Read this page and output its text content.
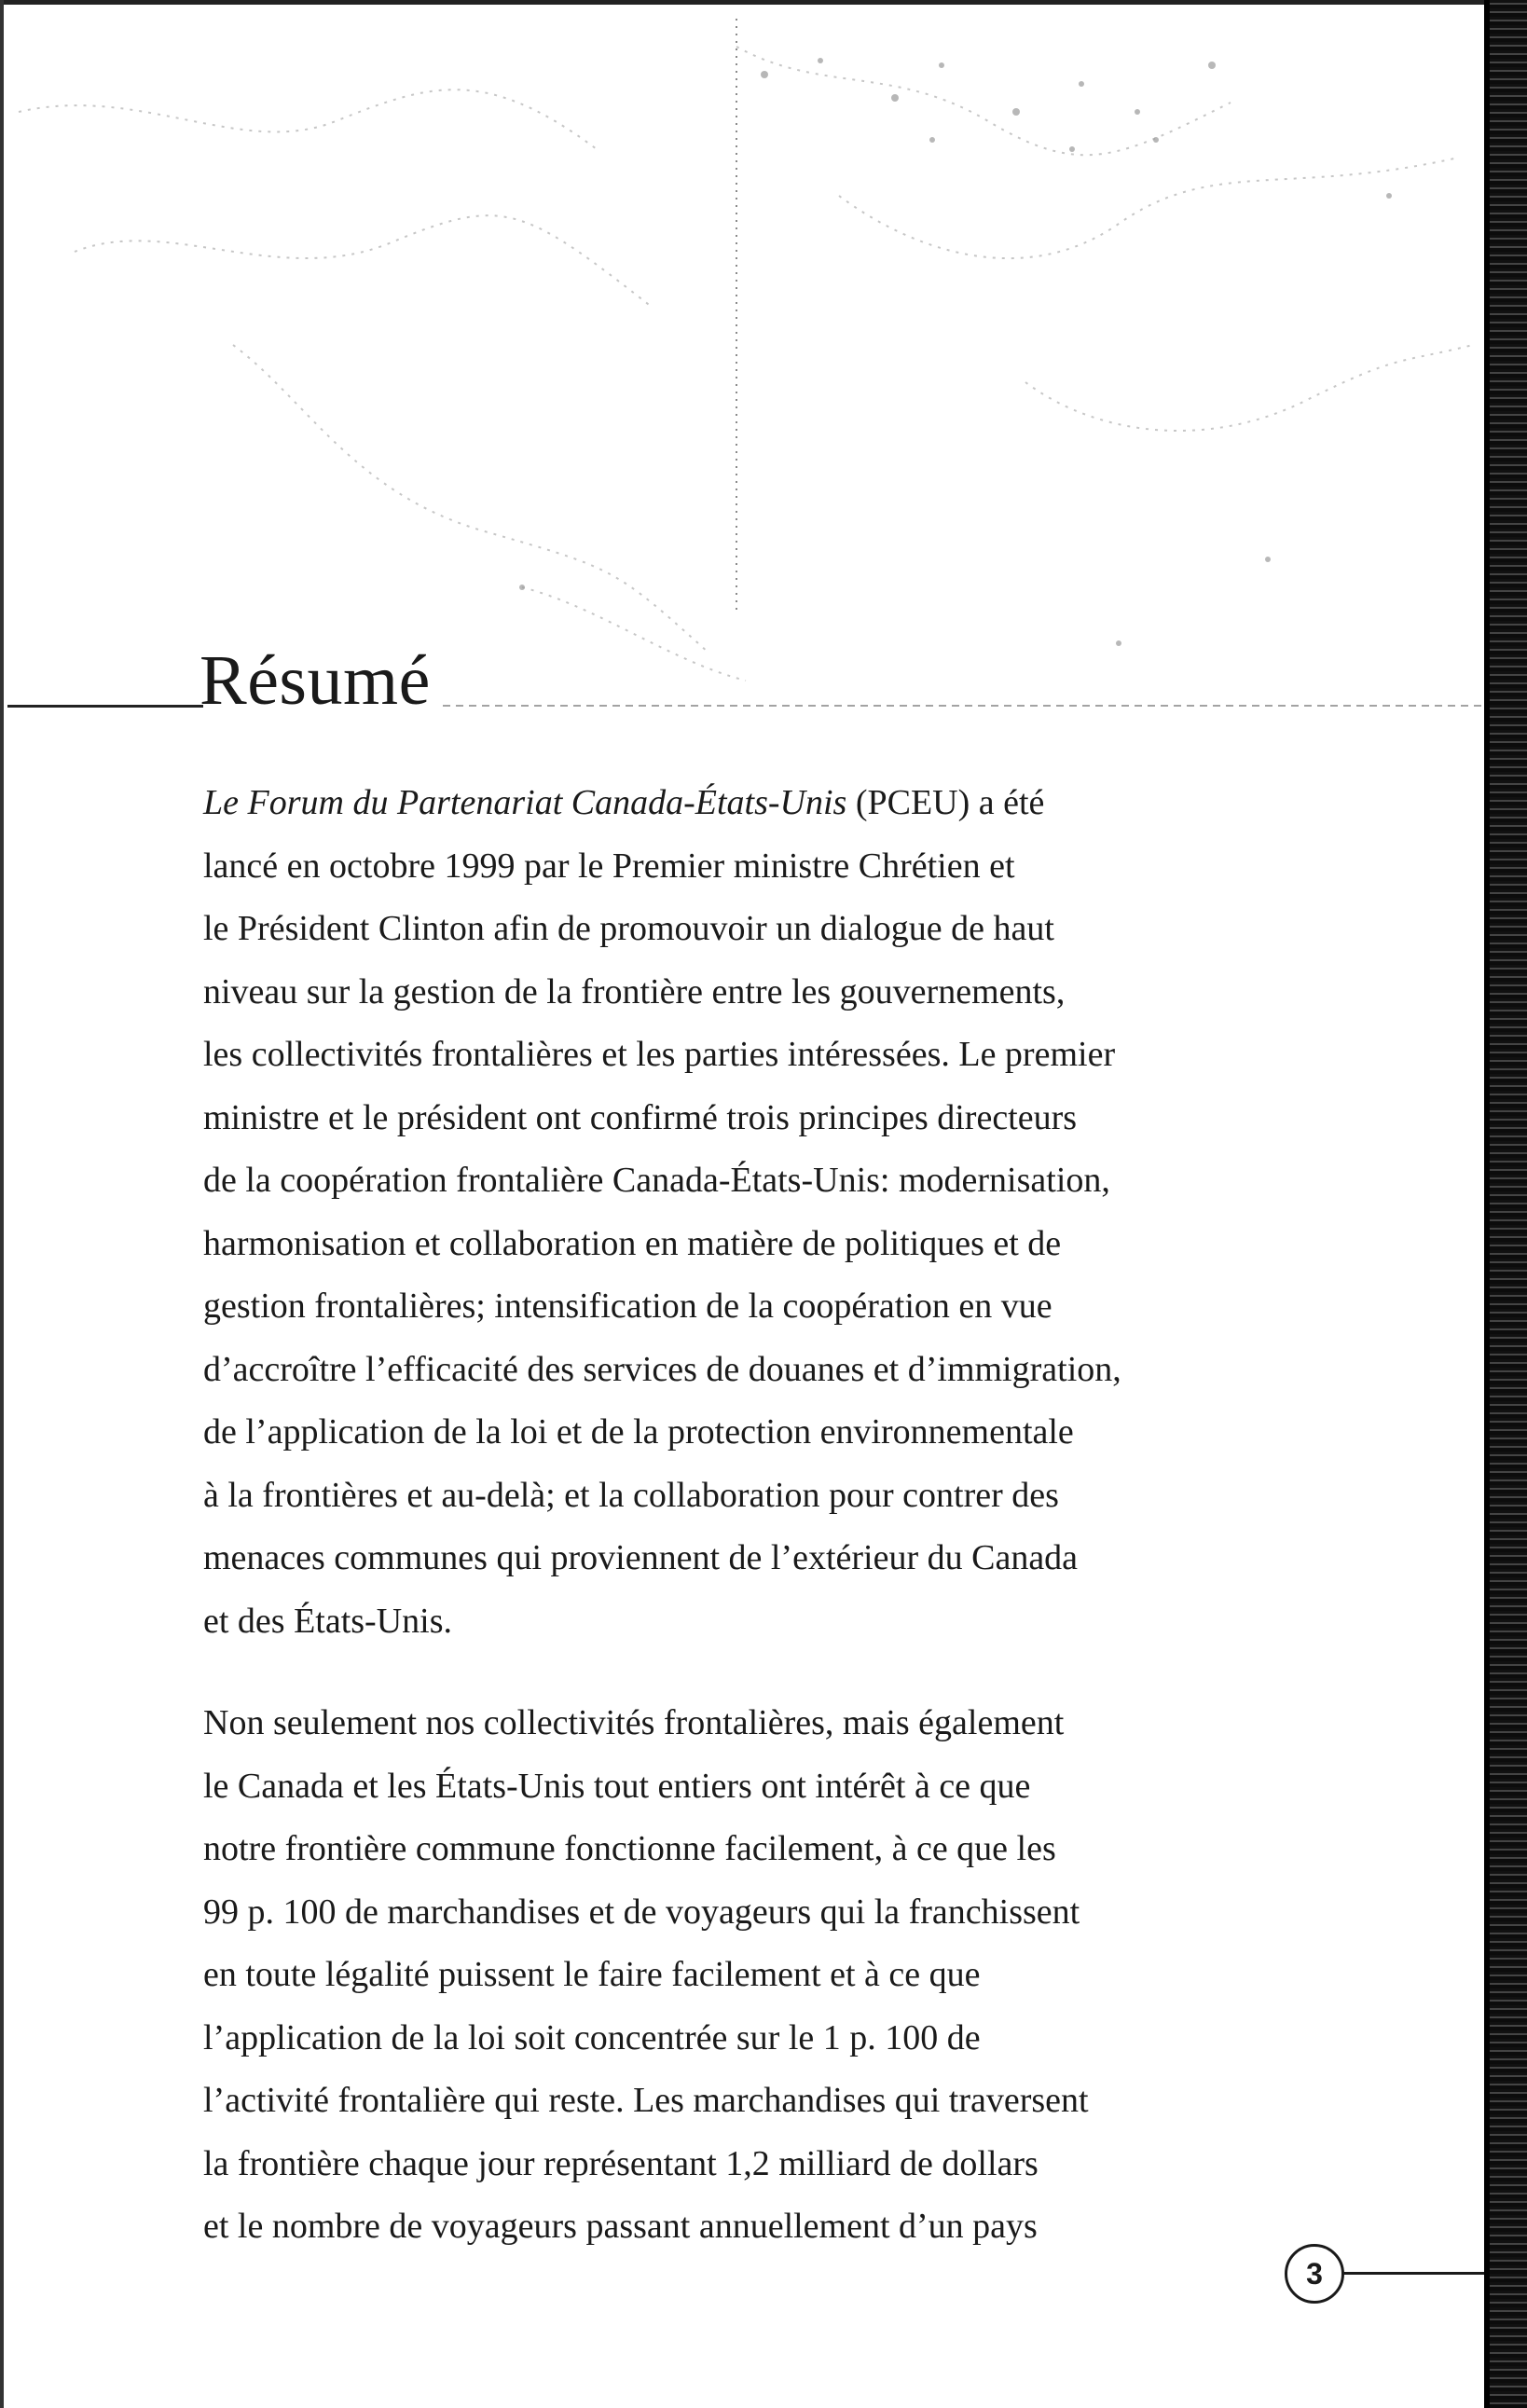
Résumé

Le Forum du Partenariat Canada-États-Unis (PCEU) a été
lancé en octobre 1999 par le Premier ministre Chrétien et
le Président Clinton afin de promouvoir un dialogue de haut
niveau sur la gestion de la frontière entre les gouvernements,
les collectivités frontalières et les parties intéressées. Le premier
ministre et le président ont confirmé trois principes directeurs
de la coopération frontalière Canada-États-Unis: modernisation,
harmonisation et collaboration en matière de politiques et de
gestion frontalières; intensification de la coopération en vue
d’accroître l’efficacité des services de douanes et d’immigration,
de l’application de la loi et de la protection environnementale
à la frontières et au-delà; et la collaboration pour contrer des
menaces communes qui proviennent de l’extérieur du Canada
et des États-Unis.

Non seulement nos collectivités frontalières, mais également
le Canada et les États-Unis tout entiers ont intérêt à ce que
notre frontière commune fonctionne facilement, à ce que les
99 p. 100 de marchandises et de voyageurs qui la franchissent
en toute légalité puissent le faire facilement et à ce que
l’application de la loi soit concentrée sur le 1 p. 100 de
l’activité frontalière qui reste. Les marchandises qui traversent
la frontière chaque jour représentant 1,2 milliard de dollars
et le nombre de voyageurs passant annuellement d’un pays

3
